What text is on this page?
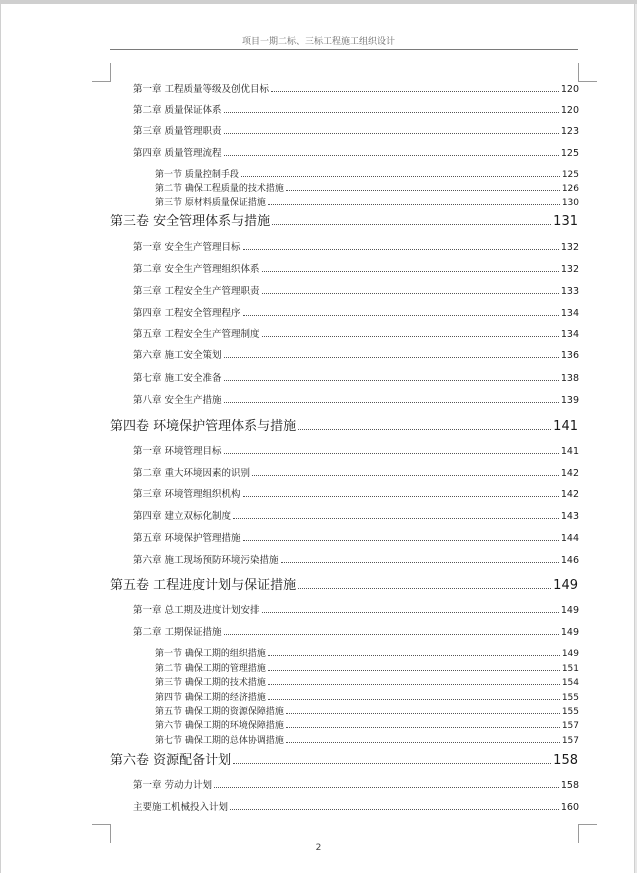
项目一期二标、三标工程施工组织设计
第一章 工程质量等级及创优目标	120
第二章 质量保证体系	120
第三章 质量管理职责	123
第四章 质量管理流程	125
第一节 质量控制手段	125
第二节 确保工程质量的技术措施	126
第三节 原材料质量保证措施	130
第三卷 安全管理体系与措施	131
第一章 安全生产管理目标	132
第二章 安全生产管理组织体系	132
第三章 工程安全生产管理职责	133
第四章 工程安全管理程序	134
第五章 工程安全生产管理制度	134
第六章 施工安全策划	136
第七章 施工安全准备	138
第八章 安全生产措施	139
第四卷 环境保护管理体系与措施	141
第一章 环境管理目标	141
第二章 重大环境因素的识别	142
第三章 环境管理组织机构	142
第四章 建立双标化制度	143
第五章 环境保护管理措施	144
第六章 施工现场预防环境污染措施	146
第五卷 工程进度计划与保证措施	149
第一章 总工期及进度计划安排	149
第二章 工期保证措施	149
第一节 确保工期的组织措施	149
第二节 确保工期的管理措施	151
第三节 确保工期的技术措施	154
第四节 确保工期的经济措施	155
第五节 确保工期的资源保障措施	155
第六节 确保工期的环境保障措施	157
第七节 确保工期的总体协调措施	157
第六卷 资源配备计划	158
第一章 劳动力计划	158
主要施工机械投入计划	160
2
